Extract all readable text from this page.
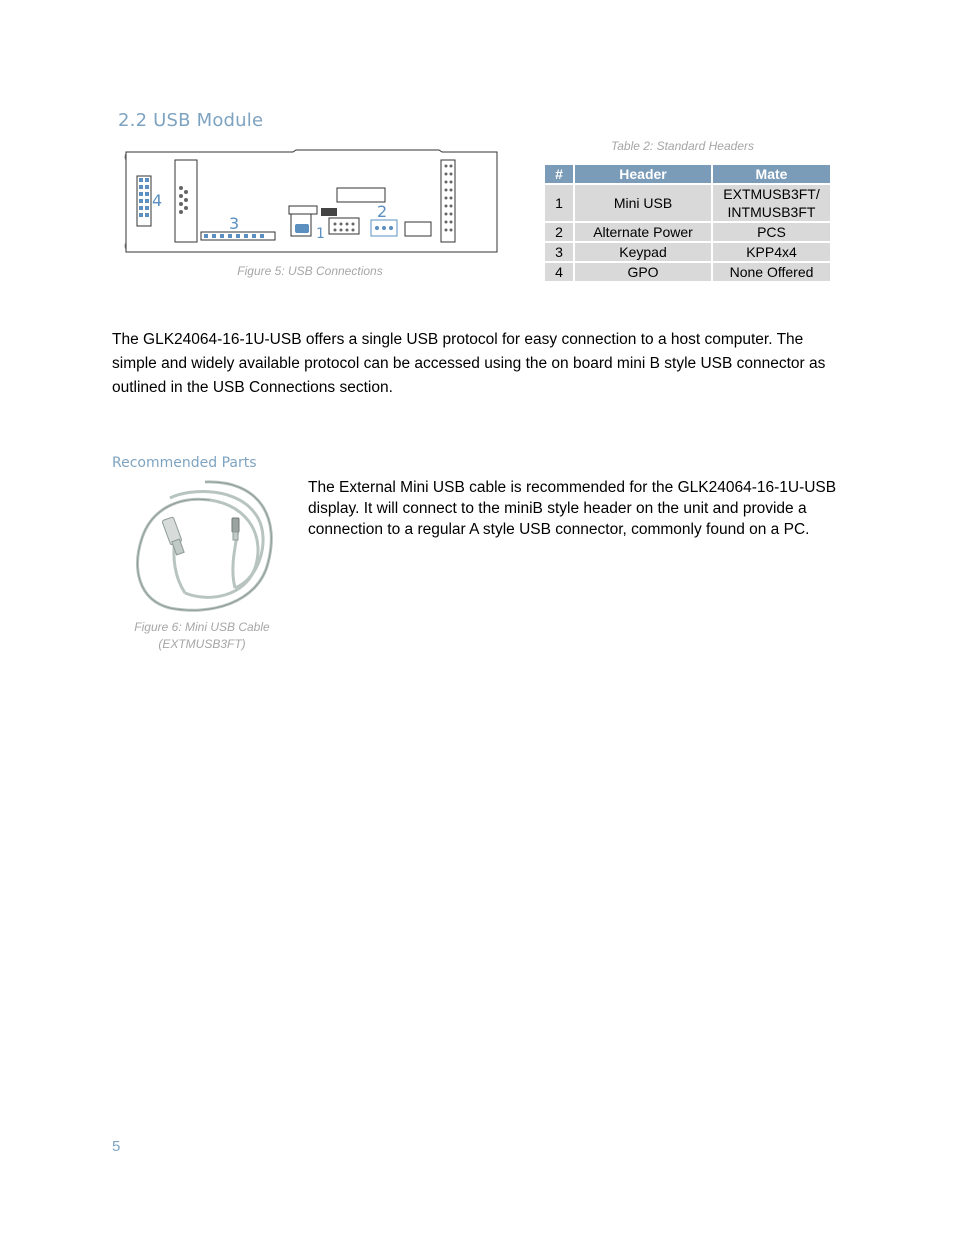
2.2 USB Module
4
3
1
2
Figure 5: USB Connections
Table 2: Standard Headers
#	Header	Mate
1	Mini USB	EXTMUSB3FT/ INTMUSB3FT
2	Alternate Power	PCS
3	Keypad	KPP4x4
4	GPO	None Offered

The GLK24064-16-1U-USB offers a single USB protocol for easy connection to a host computer. The simple and widely available protocol can be accessed using the on board mini B style USB connector as outlined in the USB Connections section.

Recommended Parts
Figure 6: Mini USB Cable
(EXTMUSB3FT)

The External Mini USB cable is recommended for the GLK24064-16-1U-USB display. It will connect to the miniB style header on the unit and provide a connection to a regular A style USB connector, commonly found on a PC.

5
